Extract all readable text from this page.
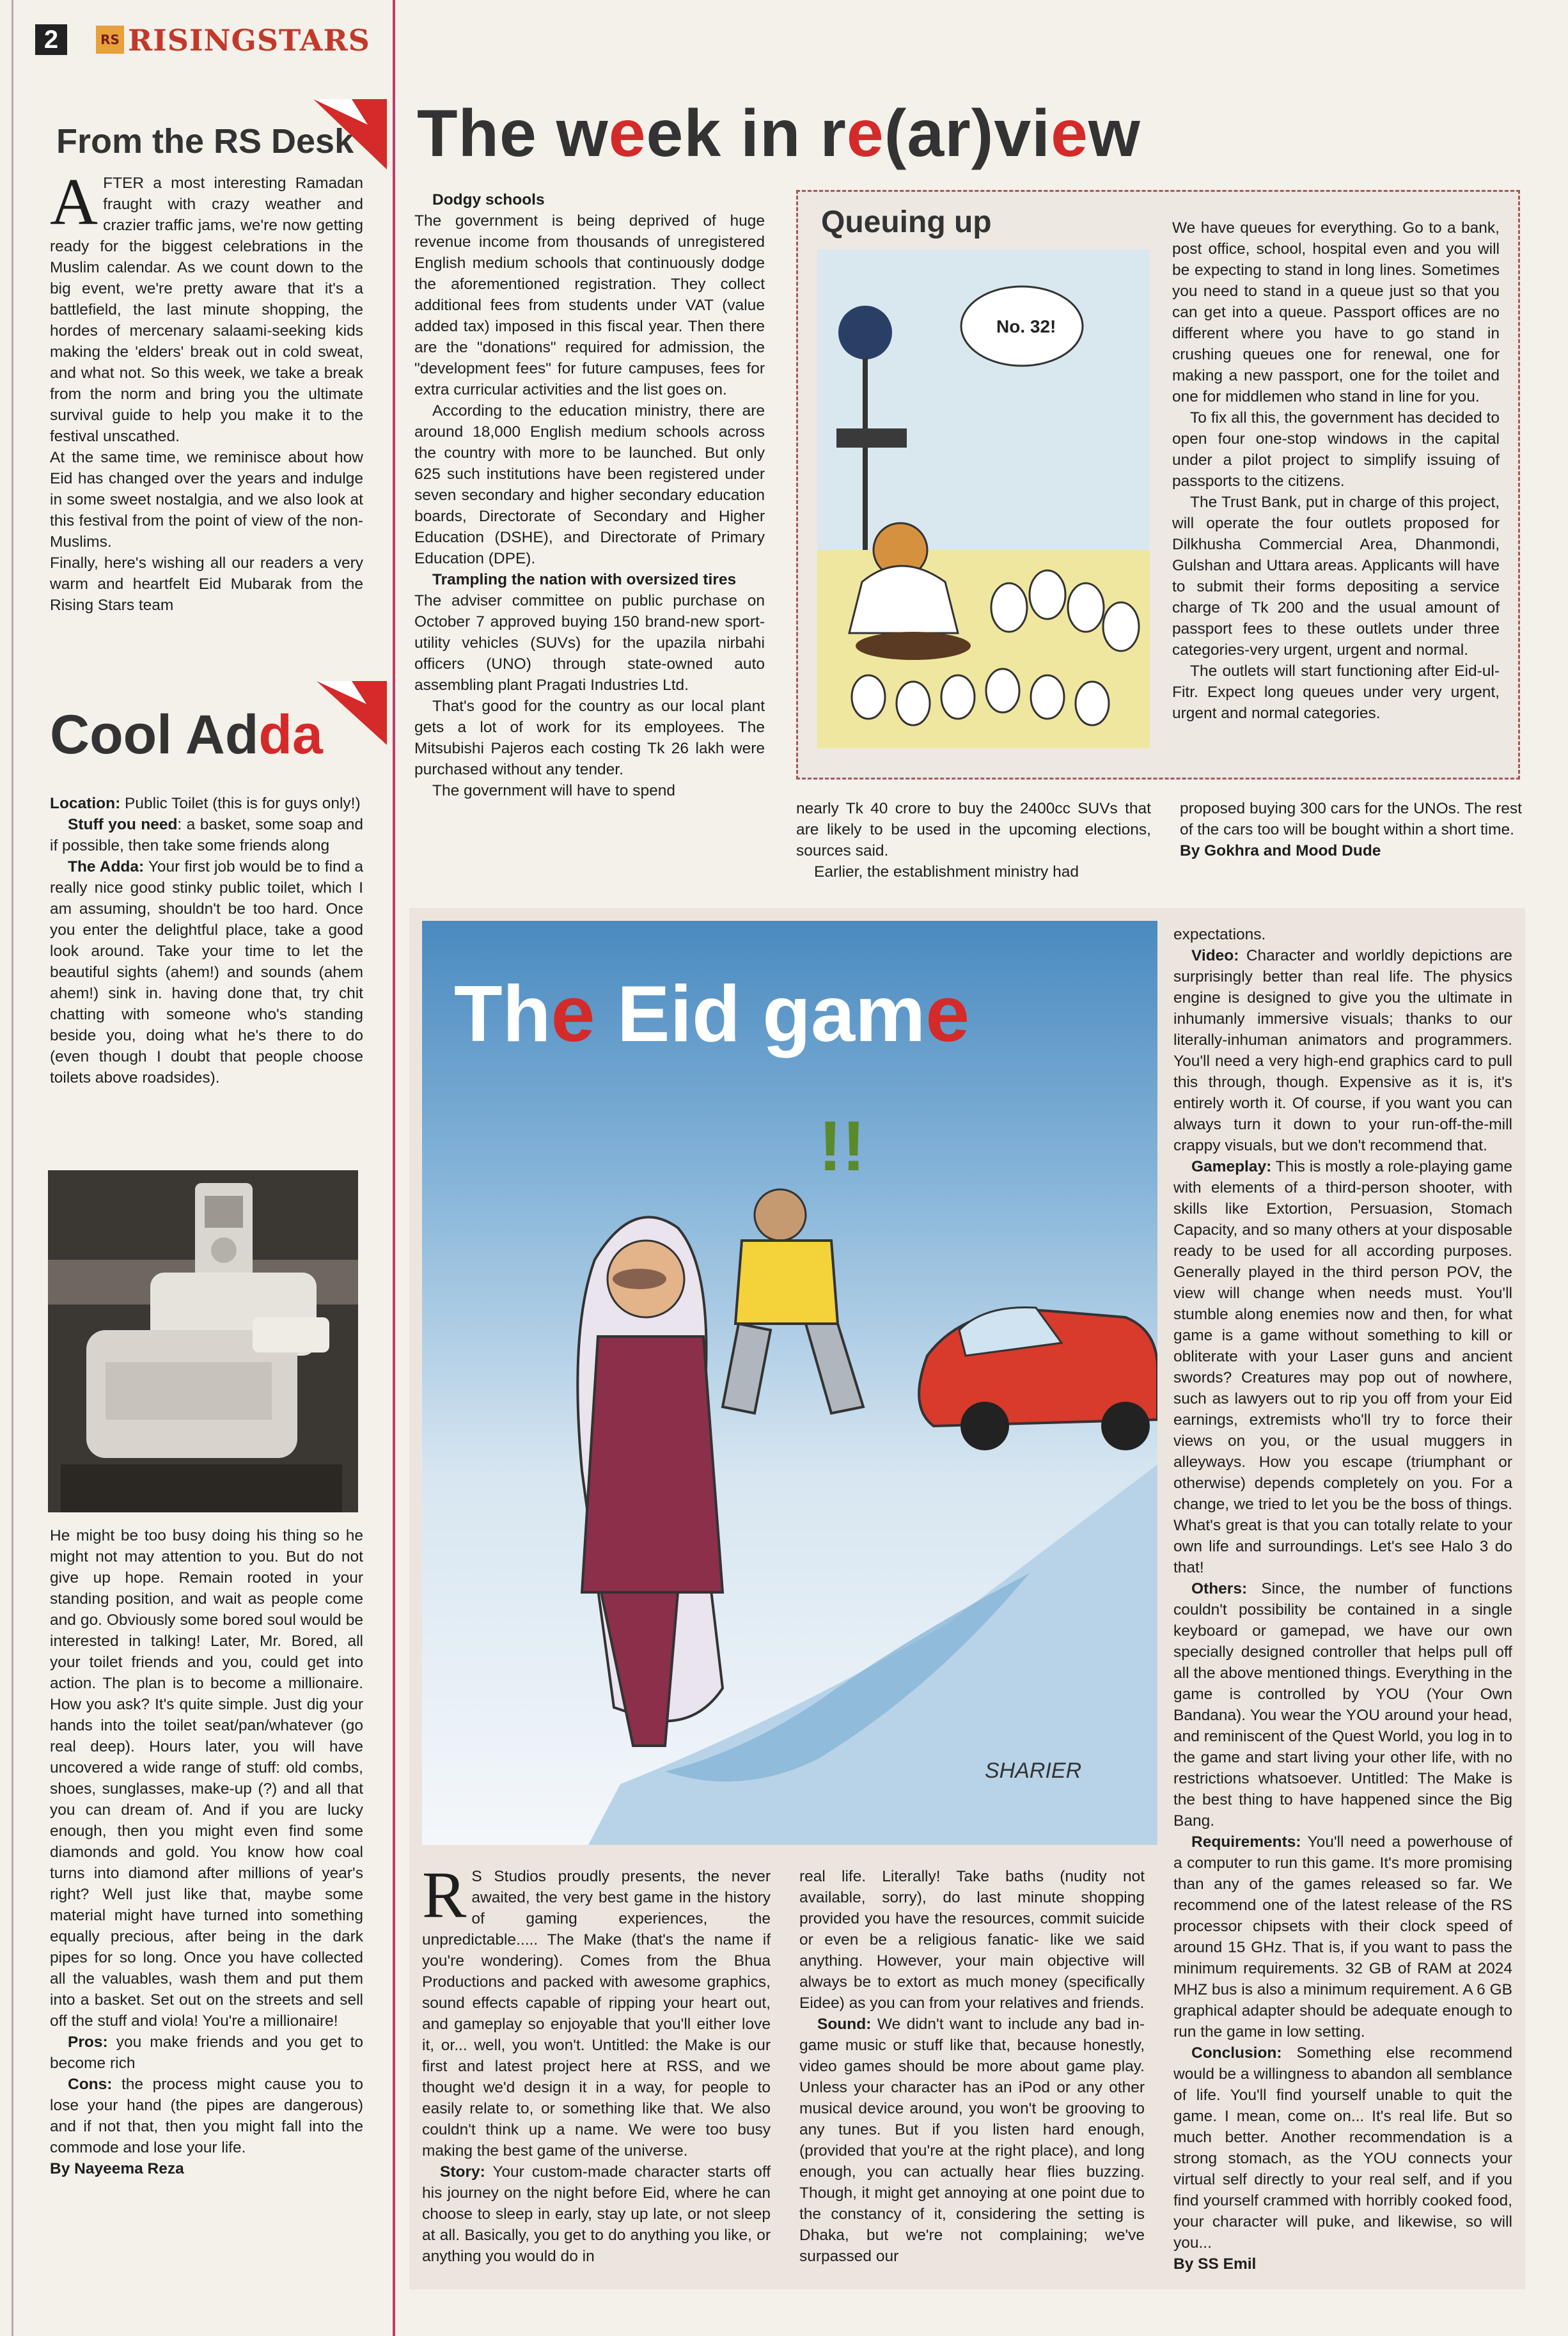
2	RS RISINGSTARS
From the RS Desk

AFTER a most interesting Ramadan fraught with crazy weather and crazier traffic jams, we're now getting ready for the biggest celebrations in the Muslim calendar. As we count down to the big event, we're pretty aware that it's a battlefield, the last minute shopping, the hordes of mercenary salaami-seeking kids making the 'elders' break out in cold sweat, and what not. So this week, we take a break from the norm and bring you the ultimate survival guide to help you make it to the festival unscathed.

At the same time, we reminisce about how Eid has changed over the years and indulge in some sweet nostalgia, and we also look at this festival from the point of view of the non-Muslims.

Finally, here's wishing all our readers a very warm and heartfelt Eid Mubarak from the Rising Stars team

Cool Adda

Location: Public Toilet (this is for guys only!)

Stuff you need: a basket, some soap and if possible, then take some friends along

The Adda: Your first job would be to find a really nice good stinky public toilet, which I am assuming, shouldn't be too hard. Once you enter the delightful place, take a good look around. Take your time to let the beautiful sights (ahem!) and sounds (ahem ahem!) sink in. having done that, try chit chatting with someone who's standing beside you, doing what he's there to do (even though I doubt that people choose toilets above roadsides).

He might be too busy doing his thing so he might not may attention to you. But do not give up hope. Remain rooted in your standing position, and wait as people come and go. Obviously some bored soul would be interested in talking! Later, Mr. Bored, all your toilet friends and you, could get into action. The plan is to become a millionaire. How you ask? It's quite simple. Just dig your hands into the toilet seat/pan/whatever (go real deep). Hours later, you will have uncovered a wide range of stuff: old combs, shoes, sunglasses, make-up (?) and all that you can dream of. And if you are lucky enough, then you might even find some diamonds and gold. You know how coal turns into diamond after millions of year's right? Well just like that, maybe some material might have turned into something equally precious, after being in the dark pipes for so long. Once you have collected all the valuables, wash them and put them into a basket. Set out on the streets and sell off the stuff and viola! You're a millionaire!

Pros: you make friends and you get to become rich

Cons: the process might cause you to lose your hand (the pipes are dangerous) and if not that, then you might fall into the commode and lose your life.

By Nayeema Reza

The week in re(ar)view

Dodgy schools

The government is being deprived of huge revenue income from thousands of unregistered English medium schools that continuously dodge the aforementioned registration. They collect additional fees from students under VAT (value added tax) imposed in this fiscal year. Then there are the "donations" required for admission, the "development fees" for future campuses, fees for extra curricular activities and the list goes on.

According to the education ministry, there are around 18,000 English medium schools across the country with more to be launched. But only 625 such institutions have been registered under seven secondary and higher secondary education boards, Directorate of Secondary and Higher Education (DSHE), and Directorate of Primary Education (DPE).

Trampling the nation with oversized tires

The adviser committee on public purchase on October 7 approved buying 150 brand-new sport-utility vehicles (SUVs) for the upazila nirbahi officers (UNO) through state-owned auto assembling plant Pragati Industries Ltd.

That's good for the country as our local plant gets a lot of work for its employees. The Mitsubishi Pajeros each costing Tk 26 lakh were purchased without any tender.

The government will have to spend

Queuing up
No. 32!

We have queues for everything. Go to a bank, post office, school, hospital even and you will be expecting to stand in long lines. Sometimes you need to stand in a queue just so that you can get into a queue. Passport offices are no different where you have to go stand in crushing queues one for renewal, one for making a new passport, one for the toilet and one for middlemen who stand in line for you.

To fix all this, the government has decided to open four one-stop windows in the capital under a pilot project to simplify issuing of passports to the citizens.

The Trust Bank, put in charge of this project, will operate the four outlets proposed for Dilkhusha Commercial Area, Dhanmondi, Gulshan and Uttara areas. Applicants will have to submit their forms depositing a service charge of Tk 200 and the usual amount of passport fees to these outlets under three categories-very urgent, urgent and normal.

The outlets will start functioning after Eid-ul-Fitr. Expect long queues under very urgent, urgent and normal categories.

nearly Tk 40 crore to buy the 2400cc SUVs that are likely to be used in the upcoming elections, sources said.

Earlier, the establishment ministry had

proposed buying 300 cars for the UNOs. The rest of the cars too will be bought within a short time.

By Gokhra and Mood Dude

The Eid game
!!
SHARIER

R S Studios proudly presents, the never awaited, the very best game in the history of gaming experiences, the unpredictable..... The Make (that's the name if you're wondering). Comes from the Bhua Productions and packed with awesome graphics, sound effects capable of ripping your heart out, and gameplay so enjoyable that you'll either love it, or... well, you won't. Untitled: the Make is our first and latest project here at RSS, and we thought we'd design it in a way, for people to easily relate to, or something like that. We also couldn't think up a name. We were too busy making the best game of the universe.

Story: Your custom-made character starts off his journey on the night before Eid, where he can choose to sleep in early, stay up late, or not sleep at all. Basically, you get to do anything you like, or anything you would do in

real life. Literally! Take baths (nudity not available, sorry), do last minute shopping provided you have the resources, commit suicide or even be a religious fanatic- like we said anything. However, your main objective will always be to extort as much money (specifically Eidee) as you can from your relatives and friends.

Sound: We didn't want to include any bad in-game music or stuff like that, because honestly, video games should be more about game play. Unless your character has an iPod or any other musical device around, you won't be grooving to any tunes. But if you listen hard enough, (provided that you're at the right place), and long enough, you can actually hear flies buzzing. Though, it might get annoying at one point due to the constancy of it, considering the setting is Dhaka, but we're not complaining; we've surpassed our

expectations.

Video: Character and worldly depictions are surprisingly better than real life. The physics engine is designed to give you the ultimate in inhumanly immersive visuals; thanks to our literally-inhuman animators and programmers. You'll need a very high-end graphics card to pull this through, though. Expensive as it is, it's entirely worth it. Of course, if you want you can always turn it down to your run-off-the-mill crappy visuals, but we don't recommend that.

Gameplay: This is mostly a role-playing game with elements of a third-person shooter, with skills like Extortion, Persuasion, Stomach Capacity, and so many others at your disposable ready to be used for all according purposes. Generally played in the third person POV, the view will change when needs must. You'll stumble along enemies now and then, for what game is a game without something to kill or obliterate with your Laser guns and ancient swords? Creatures may pop out of nowhere, such as lawyers out to rip you off from your Eid earnings, extremists who'll try to force their views on you, or the usual muggers in alleyways. How you escape (triumphant or otherwise) depends completely on you. For a change, we tried to let you be the boss of things. What's great is that you can totally relate to your own life and surroundings. Let's see Halo 3 do that!

Others: Since, the number of functions couldn't possibility be contained in a single keyboard or gamepad, we have our own specially designed controller that helps pull off all the above mentioned things. Everything in the game is controlled by YOU (Your Own Bandana). You wear the YOU around your head, and reminiscent of the Quest World, you log in to the game and start living your other life, with no restrictions whatsoever. Untitled: The Make is the best thing to have happened since the Big Bang.

Requirements: You'll need a powerhouse of a computer to run this game. It's more promising than any of the games released so far. We recommend one of the latest release of the RS processor chipsets with their clock speed of around 15 GHz. That is, if you want to pass the minimum requirements. 32 GB of RAM at 2024 MHZ bus is also a minimum requirement. A 6 GB graphical adapter should be adequate enough to run the game in low setting.

Conclusion: Something else recommend would be a willingness to abandon all semblance of life. You'll find yourself unable to quit the game. I mean, come on... It's real life. But so much better. Another recommendation is a strong stomach, as the YOU connects your virtual self directly to your real self, and if you find yourself crammed with horribly cooked food, your character will puke, and likewise, so will you...

By SS Emil
